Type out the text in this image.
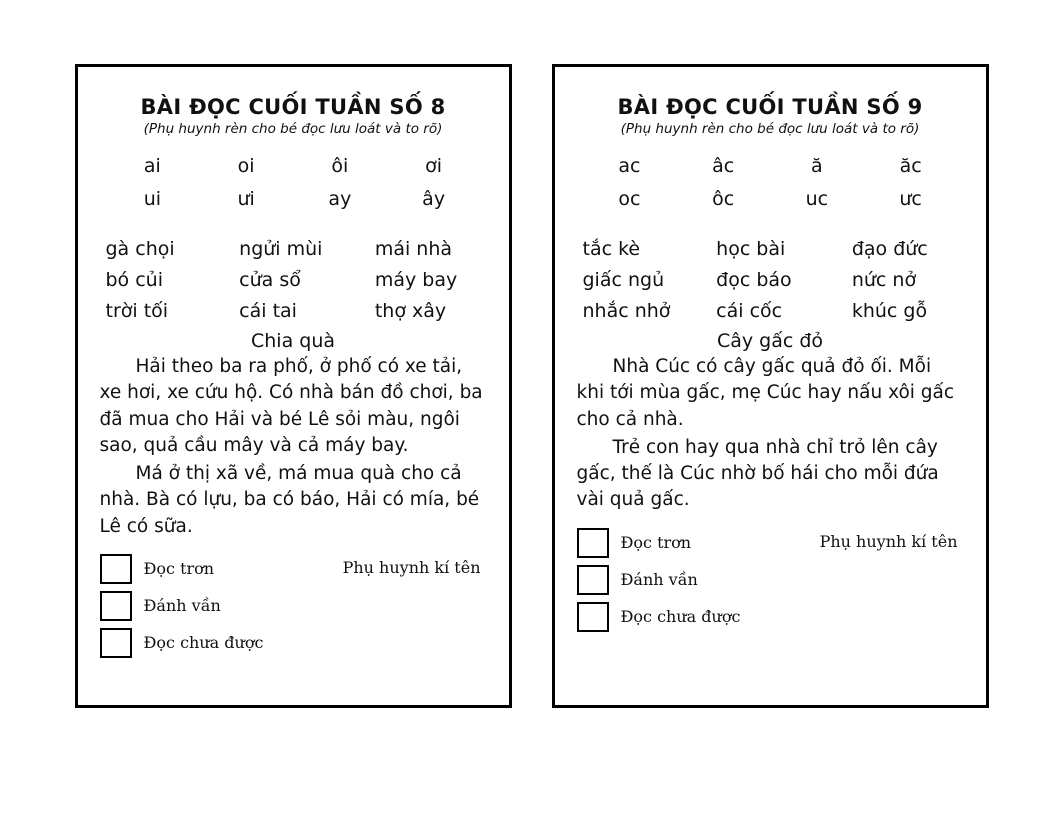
BÀI ĐỌC CUỐI TUẦN SỐ 8
(Phụ huynh rèn cho bé đọc lưu loát và to rõ)
ai	oi	ôi	ơi
ui	ưi	ay	ây
gà chọi	ngửi mùi	mái nhà
bó củi	cửa sổ	máy bay
trời tối	cái tai	thợ xây
Chia quà

Hải theo ba ra phố, ở phố có xe tải, xe hơi, xe cứu hộ. Có nhà bán đồ chơi, ba đã mua cho Hải và bé Lê sỏi màu, ngôi sao, quả cầu mây và cả máy bay.

Má ở thị xã về, má mua quà cho cả nhà. Bà có lựu, ba có báo, Hải có mía, bé Lê có sữa.

Phụ huynh kí tên
Đọc trơn
Đánh vần
Đọc chưa được
BÀI ĐỌC CUỐI TUẦN SỐ 9
(Phụ huynh rèn cho bé đọc lưu loát và to rõ)
ac	âc	ă	ăc
oc	ôc	uc	ưc
tắc kè	học bài	đạo đức
giấc ngủ	đọc báo	nức nở
nhắc nhở	cái cốc	khúc gỗ
Cây gấc đỏ

Nhà Cúc có cây gấc quả đỏ ối. Mỗi khi tới mùa gấc, mẹ Cúc hay nấu xôi gấc cho cả nhà.

Trẻ con hay qua nhà chỉ trỏ lên cây gấc, thế là Cúc nhờ bố hái cho mỗi đứa vài quả gấc.

Phụ huynh kí tên
Đọc trơn
Đánh vần
Đọc chưa được
